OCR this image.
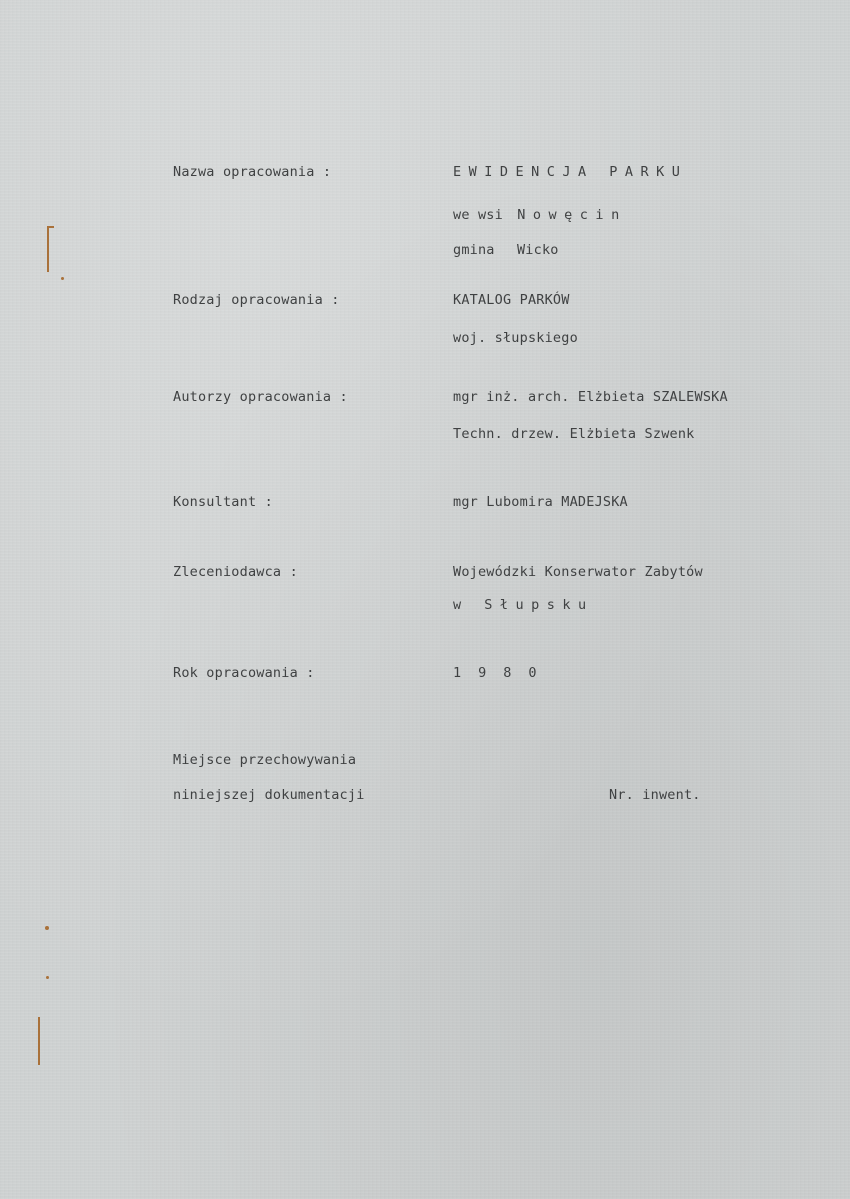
Nazwa opracowania :	EWIDENCJA PARKU
we wsi Nowęcin
gmina Wicko
Rodzaj opracowania :	KATALOG PARKÓW
woj. słupskiego
Autorzy opracowania :	mgr inż. arch. Elżbieta SZALEWSKA
Techn. drzew. Elżbieta Szwenk
Konsultant :	mgr Lubomira MADEJSKA
Zleceniodawca :	Wojewódzki Konserwator Zabytów
w Słupsku
Rok opracowania :	1980
Miejsce przechowywania
niniejszej dokumentacji	Nr. inwent.
